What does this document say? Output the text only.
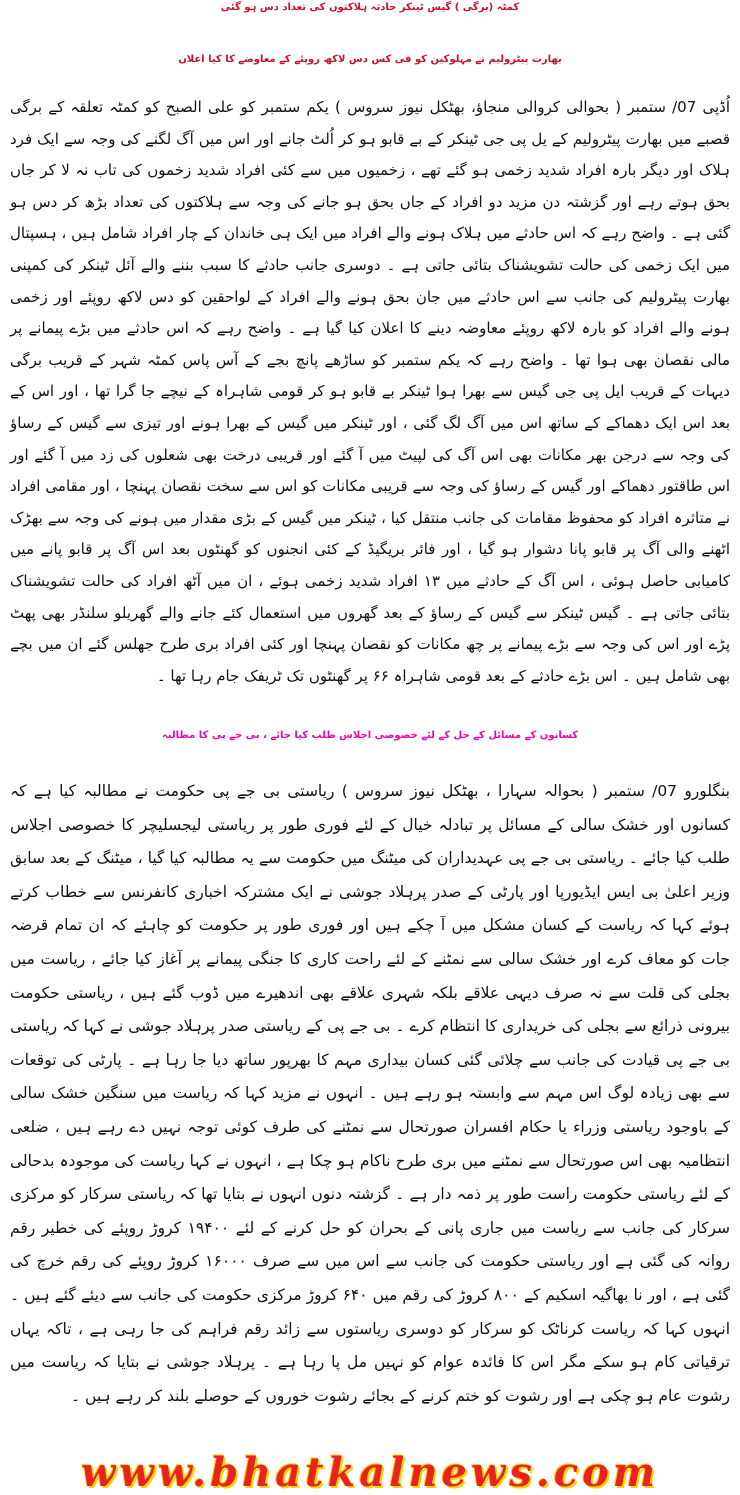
کمٹہ (برگی ) گیس ٹینکر حادثہ ہلاکتوں کی تعداد دس ہو گئی
بھارت پیٹرولیم نے مہلوکین کو فی کس دس لاکھ روپئے کے معاوضے کا کیا اعلان
اُڈپی 07/ ستمبر ( بحوالی کروالی منجاؤ، بھٹکل نیوز سروس ) یکم ستمبر کو علی الصبح کو کمٹہ تعلقہ کے برگی قصبے میں بھارت پیٹرولیم کے یل پی جی ٹینکر کے بے قابو ہو کر اُلٹ جانے اور اس میں آگ لگنے کی وجہ سے ایک فرد ہلاک اور دیگر بارہ افراد شدید زخمی ہو گئے تھے ، زخمیوں میں سے کئی افراد شدید زخموں کی تاب نہ لا کر جاں بحق ہوتے رہے اور گزشتہ دن مزید دو افراد کے جاں بحق ہو جانے کی وجہ سے ہلاکتوں کی تعداد بڑھ کر دس ہو گئی ہے ۔ واضح رہے کہ اس حادثے میں ہلاک ہونے والے افراد میں ایک ہی خاندان کے چار افراد شامل ہیں ، ہسپتال میں ایک زخمی کی حالت تشویشناک بتائی جاتی ہے ۔ دوسری جانب حادثے کا سبب بننے والے آئل ٹینکر کی کمپنی بھارت پیٹرولیم کی جانب سے اس حادثے میں جان بحق ہونے والے افراد کے لواحقین کو دس لاکھ روپئے اور زخمی ہونے والے افراد کو بارہ لاکھ روپئے معاوضہ دینے کا اعلان کیا گیا ہے ۔ واضح رہے کہ اس حادثے میں بڑے پیمانے پر مالی نقصان بھی ہوا تھا ۔ واضح رہے کہ یکم ستمبر کو ساڑھے پانچ بجے کے آس پاس کمٹہ شہر کے قریب برگی دیہات کے قریب ایل پی جی گیس سے بھرا ہوا ٹینکر بے قابو ہو کر قومی شاہراہ کے نیچے جا گرا تھا ، اور اس کے بعد اس ایک دھماکے کے ساتھ اس میں آگ لگ گئی ، اور ٹینکر میں گیس کے بھرا ہونے اور تیزی سے گیس کے رساؤ کی وجہ سے درجن بھر مکانات بھی اس آگ کی لپیٹ میں آ گئے اور قریبی درخت بھی شعلوں کی زد میں آ گئے اور اس طاقتور دھماکے اور گیس کے رساؤ کی وجہ سے قریبی مکانات کو اس سے سخت نقصان پہنچا ، اور مقامی افراد نے متاثرہ افراد کو محفوظ مقامات کی جانب منتقل کیا ، ٹینکر میں گیس کے بڑی مقدار میں ہونے کی وجہ سے بھڑک اٹھنے والی آگ پر قابو پانا دشوار ہو گیا ، اور فائر بریگیڈ کے کئی انجنوں کو گھنٹوں بعد اس آگ پر قابو پانے میں کامیابی حاصل ہوئی ، اس آگ کے حادثے میں ۱۳ افراد شدید زخمی ہوئے ، ان میں آٹھ افراد کی حالت تشویشناک بتائی جاتی ہے ۔ گیس ٹینکر سے گیس کے رساؤ کے بعد گھروں میں استعمال کئے جانے والے گھریلو سلنڈر بھی پھٹ پڑے اور اس کی وجہ سے بڑے پیمانے پر چھ مکانات کو نقصان پہنچا اور کئی افراد بری طرح جھلس گئے ان میں بچے بھی شامل ہیں ۔ اس بڑے حادثے کے بعد قومی شاہراہ ۶۶ پر گھنٹوں تک ٹریفک جام رہا تھا ۔
کسانوں کے مسائل کے حل کے لئے خصوصی اجلاس طلب کیا جائے ، بی جے پی کا مطالبہ
بنگلورو 07/ ستمبر ( بحوالہ سہارا ، بھٹکل نیوز سروس ) ریاستی بی جے پی حکومت نے مطالبہ کیا ہے کہ کسانوں اور خشک سالی کے مسائل پر تبادلہ خیال کے لئے فوری طور پر ریاستی لیجسلیچر کا خصوصی اجلاس طلب کیا جائے ۔ ریاستی بی جے پی عہدیداران کی میٹنگ میں حکومت سے یہ مطالبہ کیا گیا ، میٹنگ کے بعد سابق وزیر اعلیٰ بی ایس ایڈیورپا اور پارٹی کے صدر پرہلاد جوشی نے ایک مشترکہ اخباری کانفرنس سے خطاب کرتے ہوئے کہا کہ ریاست کے کسان مشکل میں آ چکے ہیں اور فوری طور پر حکومت کو چاہئے کہ ان تمام قرضہ جات کو معاف کرے اور خشک سالی سے نمٹنے کے لئے راحت کاری کا جنگی پیمانے پر آغاز کیا جائے ، ریاست میں بجلی کی قلت سے نہ صرف دیہی علاقے بلکہ شہری علاقے بھی اندھیرے میں ڈوب گئے ہیں ، ریاستی حکومت بیرونی ذرائع سے بجلی کی خریداری کا انتظام کرے ۔ بی جے پی کے ریاستی صدر پرہلاد جوشی نے کہا کہ ریاستی بی جے پی قیادت کی جانب سے چلائی گئی کسان بیداری مہم کا بھرپور ساتھ دیا جا رہا ہے ۔ پارٹی کی توقعات سے بھی زیادہ لوگ اس مہم سے وابستہ ہو رہے ہیں ۔ انہوں نے مزید کہا کہ ریاست میں سنگین خشک سالی کے باوجود ریاستی وزراء یا حکام افسران صورتحال سے نمٹنے کی طرف کوئی توجہ نہیں دے رہے ہیں ، ضلعی انتظامیہ بھی اس صورتحال سے نمٹنے میں بری طرح ناکام ہو چکا ہے ، انہوں نے کہا ریاست کی موجودہ بدحالی کے لئے ریاستی حکومت راست طور پر ذمہ دار ہے ۔ گزشتہ دنوں انہوں نے بتایا تھا کہ ریاستی سرکار کو مرکزی سرکار کی جانب سے ریاست میں جاری پانی کے بحران کو حل کرنے کے لئے ۱۹۴۰۰ کروڑ روپئے کی خطیر رقم روانہ کی گئی ہے اور ریاستی حکومت کی جانب سے اس میں سے صرف ۱۶۰۰۰ کروڑ روپئے کی رقم خرچ کی گئی ہے ، اور نا بھاگیہ اسکیم کے ۸۰۰ کروڑ کی رقم میں ۶۴۰ کروڑ مرکزی حکومت کی جانب سے دیئے گئے ہیں ۔ انہوں کہا کہ ریاست کرناٹک کو سرکار کو دوسری ریاستوں سے زائد رقم فراہم کی جا رہی ہے ، تاکہ یہاں ترقیاتی کام ہو سکے مگر اس کا فائدہ عوام کو نہیں مل پا رہا ہے ۔ پرہلاد جوشی نے بتایا کہ ریاست میں رشوت عام ہو چکی ہے اور رشوت کو ختم کرنے کے بجائے رشوت خوروں کے حوصلے بلند کر رہے ہیں ۔
www.bhatkalnews.com
